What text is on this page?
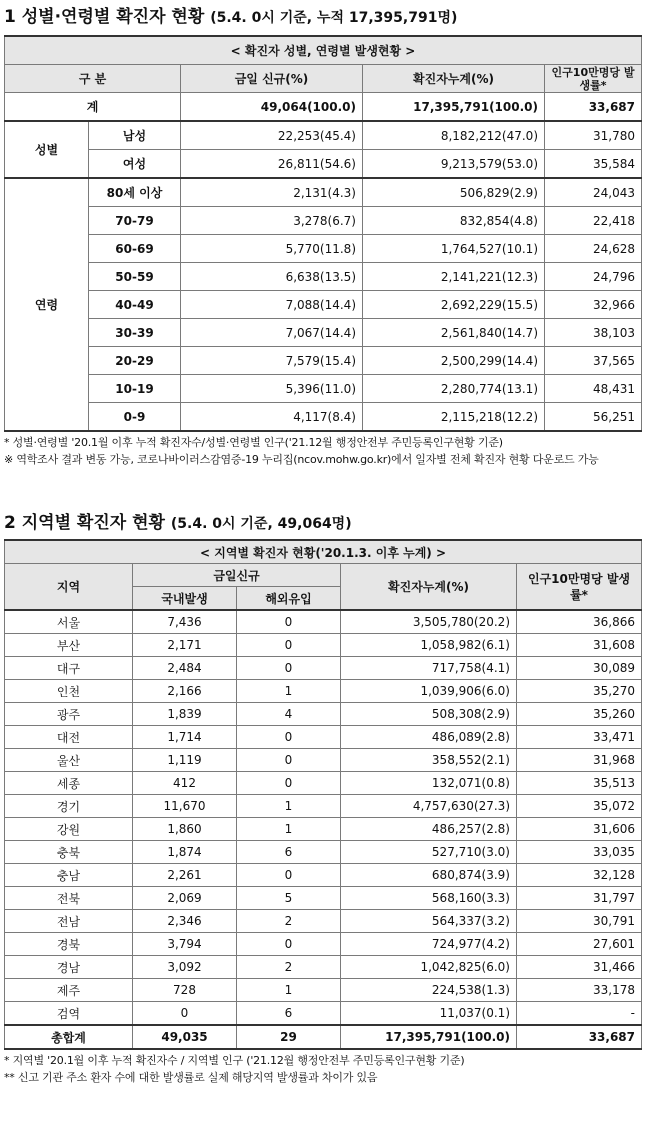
1 성별·연령별 확진자 현황 (5.4. 0시 기준, 누적 17,395,791명)
< 확진자 성별, 연령별 발생현황 >				
구 분		금일 신규(%)	확진자누계(%)	인구10만명당 발생률*
계		49,064(100.0)	17,395,791(100.0)	33,687
성별	남성	22,253(45.4)	8,182,212(47.0)	31,780
	여성	26,811(54.6)	9,213,579(53.0)	35,584
연령	80세 이상	2,131(4.3)	506,829(2.9)	24,043
	70-79	3,278(6.7)	832,854(4.8)	22,418
	60-69	5,770(11.8)	1,764,527(10.1)	24,628
	50-59	6,638(13.5)	2,141,221(12.3)	24,796
	40-49	7,088(14.4)	2,692,229(15.5)	32,966
	30-39	7,067(14.4)	2,561,840(14.7)	38,103
	20-29	7,579(15.4)	2,500,299(14.4)	37,565
	10-19	5,396(11.0)	2,280,774(13.1)	48,431
	0-9	4,117(8.4)	2,115,218(12.2)	56,251
* 성별·연령별 '20.1월 이후 누적 확진자수/성별·연령별 인구('21.12월 행정안전부 주민등록인구현황 기준)
※ 역학조사 결과 변동 가능, 코로나바이러스감염증-19 누리집(ncov.mohw.go.kr)에서 일자별 전체 확진자 현황 다운로드 가능
2 지역별 확진자 현황 (5.4. 0시 기준, 49,064명)
< 지역별 확진자 현황('20.1.3. 이후 누계) >				
지역	금일신규		확진자누계(%)	인구10만명당 발생률*
	국내발생	해외유입		
서울	7,436	0	3,505,780(20.2)	36,866
부산	2,171	0	1,058,982(6.1)	31,608
대구	2,484	0	717,758(4.1)	30,089
인천	2,166	1	1,039,906(6.0)	35,270
광주	1,839	4	508,308(2.9)	35,260
대전	1,714	0	486,089(2.8)	33,471
울산	1,119	0	358,552(2.1)	31,968
세종	412	0	132,071(0.8)	35,513
경기	11,670	1	4,757,630(27.3)	35,072
강원	1,860	1	486,257(2.8)	31,606
충북	1,874	6	527,710(3.0)	33,035
충남	2,261	0	680,874(3.9)	32,128
전북	2,069	5	568,160(3.3)	31,797
전남	2,346	2	564,337(3.2)	30,791
경북	3,794	0	724,977(4.2)	27,601
경남	3,092	2	1,042,825(6.0)	31,466
제주	728	1	224,538(1.3)	33,178
검역	0	6	11,037(0.1)	-
총합계	49,035	29	17,395,791(100.0)	33,687
* 지역별 '20.1월 이후 누적 확진자수 / 지역별 인구 ('21.12월 행정안전부 주민등록인구현황 기준)
** 신고 기관 주소 환자 수에 대한 발생률로 실제 해당지역 발생률과 차이가 있음
